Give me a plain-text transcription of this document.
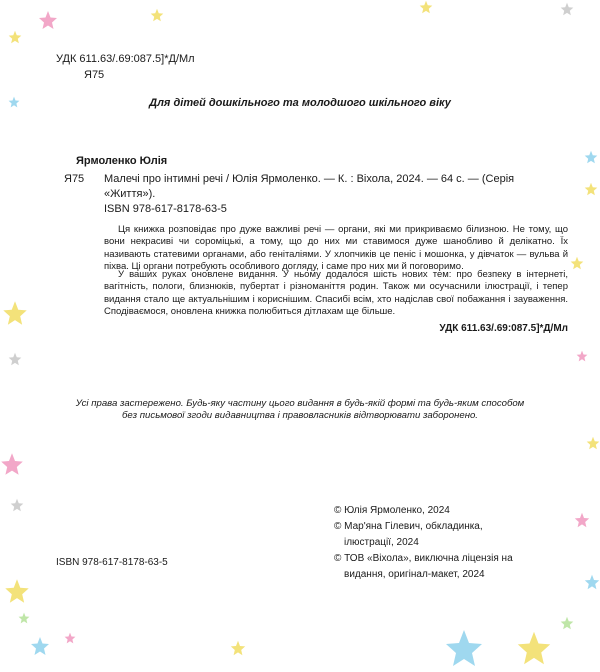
УДК 611.63/.69:087.5]*Д/Мл
Я75
Для дітей дошкільного та молодшого шкільного віку
Ярмоленко Юлія
Я75 Малечі про інтимні речі / Юлія Ярмоленко. — К. : Віхола, 2024. — 64 с. — (Серія
«Життя»).
ISBN 978-617-8178-63-5
Ця книжка розповідає про дуже важливі речі — органи, які ми прикриваємо білизною. Не тому, що вони некрасиві чи сороміцькі, а тому, що до них ми ставимося дуже шанобливо й делікатно. Їх називають статевими органами, або геніталіями. У хлопчиків це пеніс і мошонка, у дівчаток — вульва й піхва. Ці органи потребують особливого догляду, і саме про них ми й поговоримо.
У ваших руках оновлене видання. У ньому додалося шість нових тем: про безпеку в інтернеті, вагітність, пологи, близнюків, пубертат і різноманіття родин. Також ми осучаснили ілюстрації, і тепер видання стало ще актуальнішим і кориснішим. Спасибі всім, хто надіслав свої побажання і зауваження. Сподіваємося, оновлена книжка полюбиться дітлахам ще більше.
УДК 611.63/.69:087.5]*Д/Мл
Усі права застережено. Будь-яку частину цього видання в будь-якій формі та будь-яким способом
без письмової згоди видавництва і правовласників відтворювати заборонено.
© Юлія Ярмоленко, 2024
© Мар'яна Гілевич, обкладинка,
ілюстрації, 2024
© ТОВ «Віхола», виключна ліцензія на
видання, оригінал-макет, 2024
ISBN 978-617-8178-63-5
